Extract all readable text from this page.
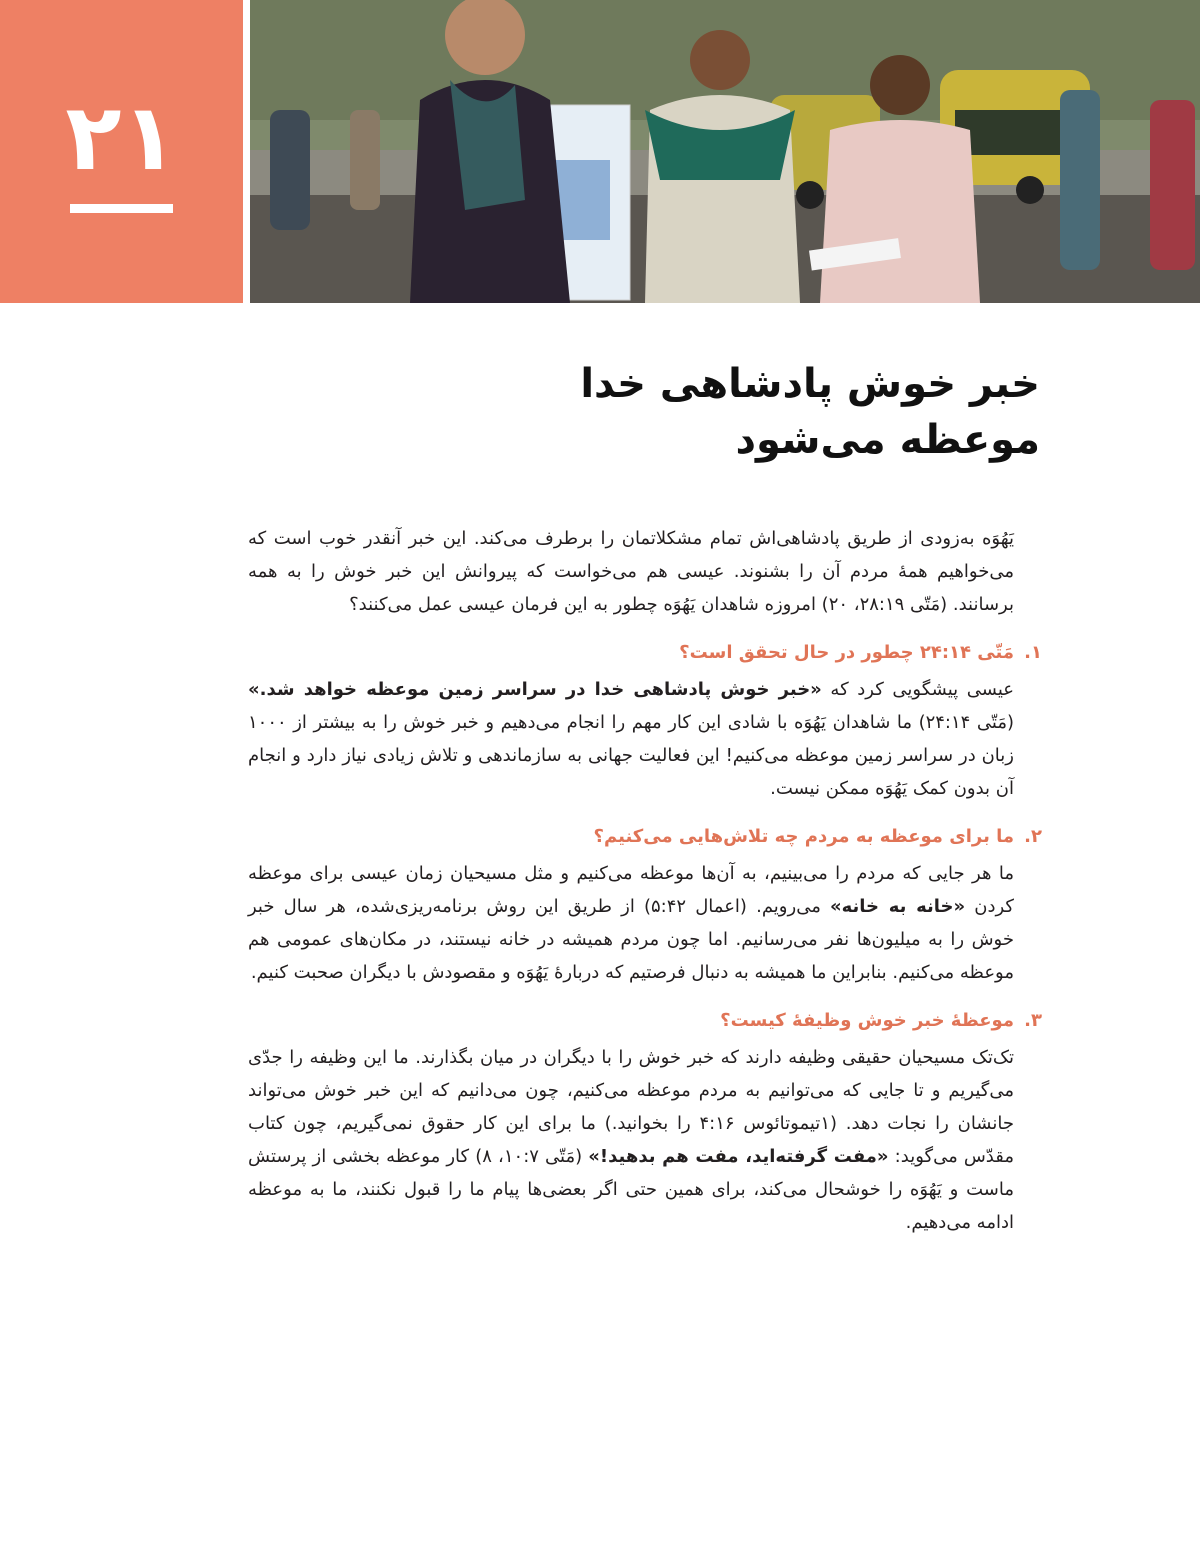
۲۱
خبر خوش پادشاهی خدا
موعظه می‌شود

یَهُوَه به‌زودی از طریق پادشاهی‌اش تمام مشکلاتمان را برطرف می‌کند. این خبر آنقدر خوب است که می‌خواهیم همهٔ مردم آن را بشنوند. عیسی هم می‌خواست که پیروانش این خبر خوش را به همه برسانند. (مَتّی ۲۸:۱۹، ۲۰) امروزه شاهدان یَهُوَه چطور به این فرمان عیسی عمل می‌کنند؟

۱.مَتّی ۲۴:۱۴ چطور در حال تحقق است؟

عیسی پیشگویی کرد که «خبر خوش پادشاهی خدا در سراسر زمین موعظه خواهد شد.» (مَتّی ۲۴:۱۴) ما شاهدان یَهُوَه با شادی این کار مهم را انجام می‌دهیم و خبر خوش را به بیشتر از ۱۰۰۰ زبان در سراسر زمین موعظه می‌کنیم! این فعالیت جهانی به سازماندهی و تلاش زیادی نیاز دارد و انجام آن بدون کمک یَهُوَه ممکن نیست.

۲.ما برای موعظه به مردم چه تلاش‌هایی می‌کنیم؟

ما هر جایی که مردم را می‌بینیم، به آن‌ها موعظه می‌کنیم و مثل مسیحیان زمان عیسی برای موعظه کردن «خانه به خانه» می‌رویم. (اعمال ۵:۴۲) از طریق این روش برنامه‌ریزی‌شده، هر سال خبر خوش را به میلیون‌ها نفر می‌رسانیم. اما چون مردم همیشه در خانه نیستند، در مکان‌های عمومی هم موعظه می‌کنیم. بنابراین ما همیشه به دنبال فرصتیم که دربارهٔ یَهُوَه و مقصودش با دیگران صحبت کنیم.

۳.موعظهٔ خبر خوش وظیفهٔ کیست؟

تک‌تک مسیحیان حقیقی وظیفه دارند که خبر خوش را با دیگران در میان بگذارند. ما این وظیفه را جدّی می‌گیریم و تا جایی که می‌توانیم به مردم موعظه می‌کنیم، چون می‌دانیم که این خبر خوش می‌تواند جانشان را نجات دهد. (۱تیموتائوس ۴:۱۶ را بخوانید.) ما برای این کار حقوق نمی‌گیریم، چون کتاب مقدّس می‌گوید: «مفت گرفته‌اید، مفت هم بدهید!» (مَتّی ۱۰:۷، ۸) کار موعظه بخشی از پرستش ماست و یَهُوَه را خوشحال می‌کند، برای همین حتی اگر بعضی‌ها پیام ما را قبول نکنند، ما به موعظه ادامه می‌دهیم.
